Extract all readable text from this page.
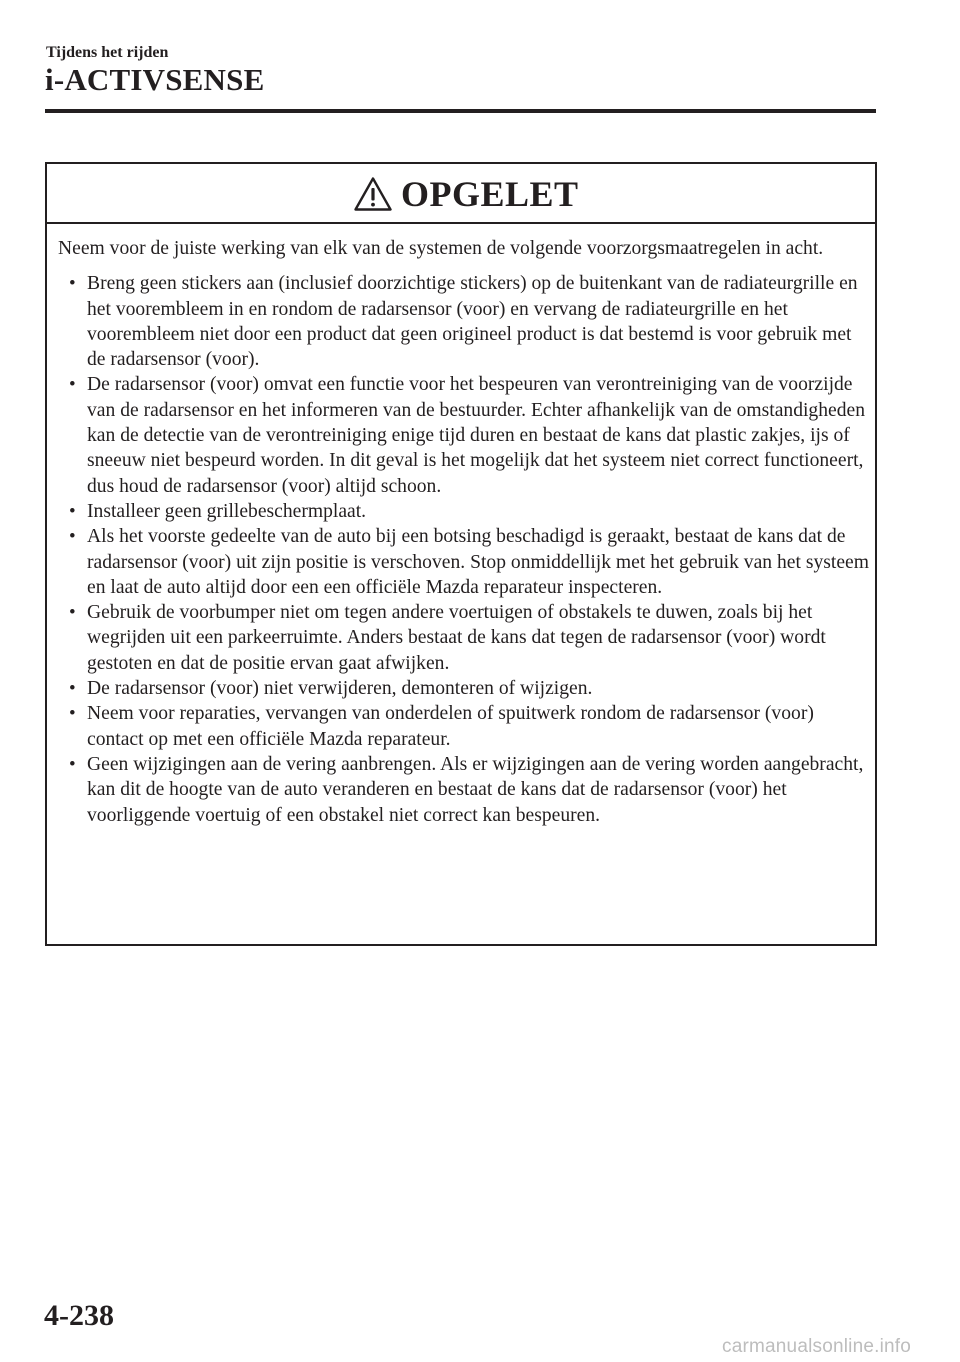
Tijdens het rijden
i-ACTIVSENSE
OPGELET

Neem voor de juiste werking van elk van de systemen de volgende voorzorgsmaatregelen in acht.

• Breng geen stickers aan (inclusief doorzichtige stickers) op de buitenkant van de radiateurgrille en het voorembleem in en rondom de radarsensor (voor) en vervang de radiateurgrille en het voorembleem niet door een product dat geen origineel product is dat bestemd is voor gebruik met de radarsensor (voor).
• De radarsensor (voor) omvat een functie voor het bespeuren van verontreiniging van de voorzijde van de radarsensor en het informeren van de bestuurder. Echter afhankelijk van de omstandigheden kan de detectie van de verontreiniging enige tijd duren en bestaat de kans dat plastic zakjes, ijs of sneeuw niet bespeurd worden. In dit geval is het mogelijk dat het systeem niet correct functioneert, dus houd de radarsensor (voor) altijd schoon.
• Installeer geen grillebeschermplaat.
• Als het voorste gedeelte van de auto bij een botsing beschadigd is geraakt, bestaat de kans dat de radarsensor (voor) uit zijn positie is verschoven. Stop onmiddellijk met het gebruik van het systeem en laat de auto altijd door een een officiële Mazda reparateur inspecteren.
• Gebruik de voorbumper niet om tegen andere voertuigen of obstakels te duwen, zoals bij het wegrijden uit een parkeerruimte. Anders bestaat de kans dat tegen de radarsensor (voor) wordt gestoten en dat de positie ervan gaat afwijken.
• De radarsensor (voor) niet verwijderen, demonteren of wijzigen.
• Neem voor reparaties, vervangen van onderdelen of spuitwerk rondom de radarsensor (voor) contact op met een officiële Mazda reparateur.
• Geen wijzigingen aan de vering aanbrengen. Als er wijzigingen aan de vering worden aangebracht, kan dit de hoogte van de auto veranderen en bestaat de kans dat de radarsensor (voor) het voorliggende voertuig of een obstakel niet correct kan bespeuren.
4-238
carmanualsonline.info
